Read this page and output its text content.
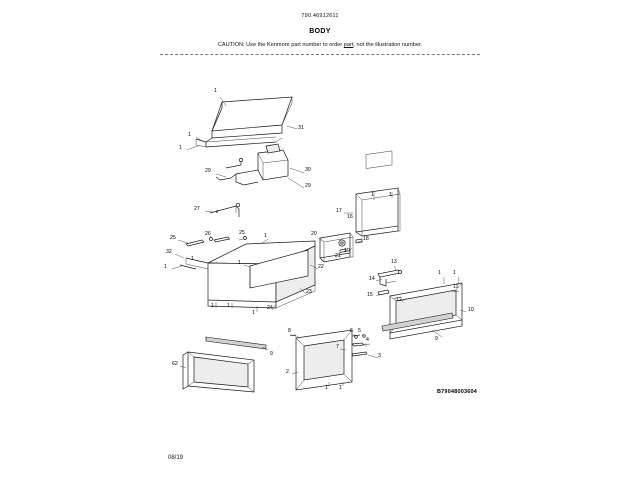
790.46912611
BODY
CAUTION: Use the Kenmore part number to order part, not the illustration number.
1
31
1
1
29	30
29
27	17
1	1
16
18
19
20
21
25
26	25	1
22
32
1
14
13
1 1
11
15
12
10
23
24
1	1
1
9
8	6 5
4
7
3
9
62
2
1 1
1
1
B79048003604
08/19
